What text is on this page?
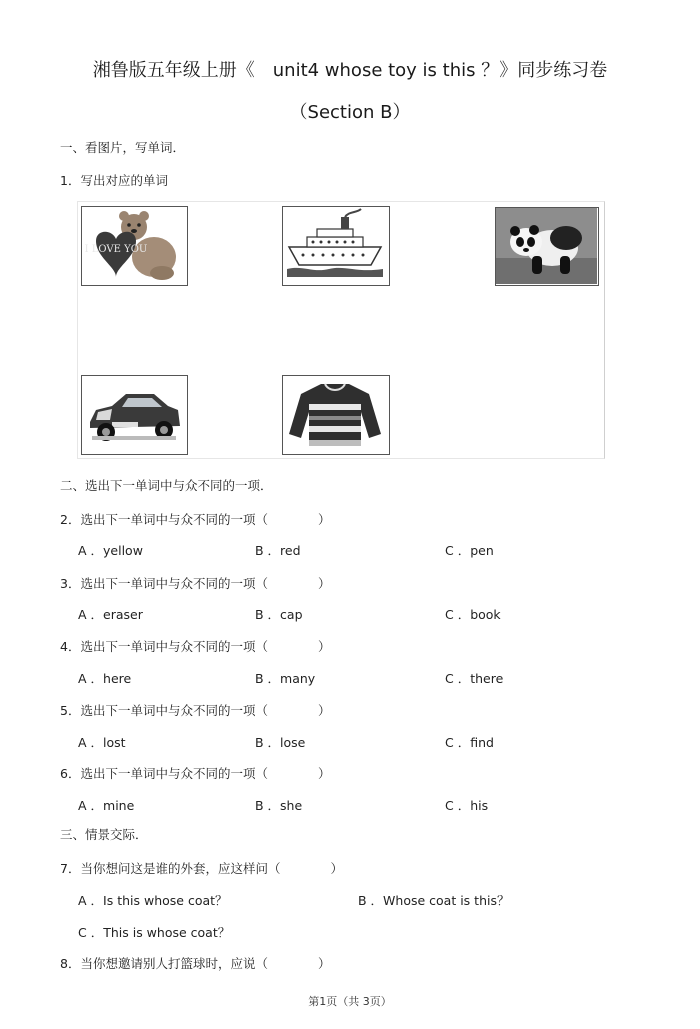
湘鲁版五年级上册《　unit4 whose toy is this ？》同步练习卷
（Section B）
一、看图片，写单词．
1．写出对应的单词
I LOVE YOU
二、选出下一单词中与众不同的一项．
2．选出下一单词中与众不同的一项（　　　　）
A ．yellow	B ．red	C ．pen
3．选出下一单词中与众不同的一项（　　　　）
A ．eraser	B ．cap	C ．book
4．选出下一单词中与众不同的一项（　　　　）
A ．here	B ．many	C ．there
5．选出下一单词中与众不同的一项（　　　　）
A ．lost	B ．lose	C ．find
6．选出下一单词中与众不同的一项（　　　　）
A ．mine	B ．she	C ．his
三、情景交际．
7．当你想问这是谁的外套，应这样问（　　　　）
A ．Is this whose coat？	B ．Whose coat is this？
C ．This is whose coat？
8．当你想邀请别人打篮球时，应说（　　　　）
第1页（共 3页）
